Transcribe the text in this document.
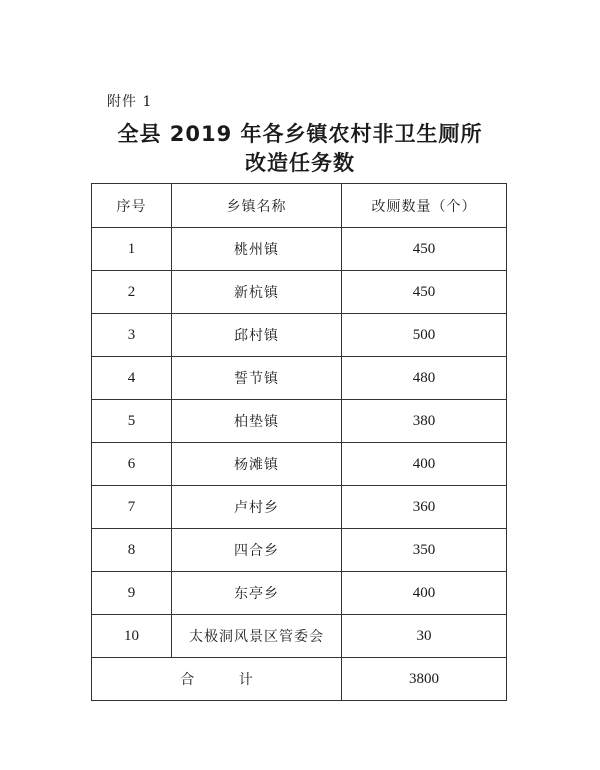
附件 1
全县 2019 年各乡镇农村非卫生厕所
改造任务数
序号	乡镇名称	改厕数量（个）
1	桃州镇	450
2	新杭镇	450
3	邱村镇	500
4	誓节镇	480
5	柏垫镇	380
6	杨滩镇	400
7	卢村乡	360
8	四合乡	350
9	东亭乡	400
10	太极洞风景区管委会	30
合 计		3800
